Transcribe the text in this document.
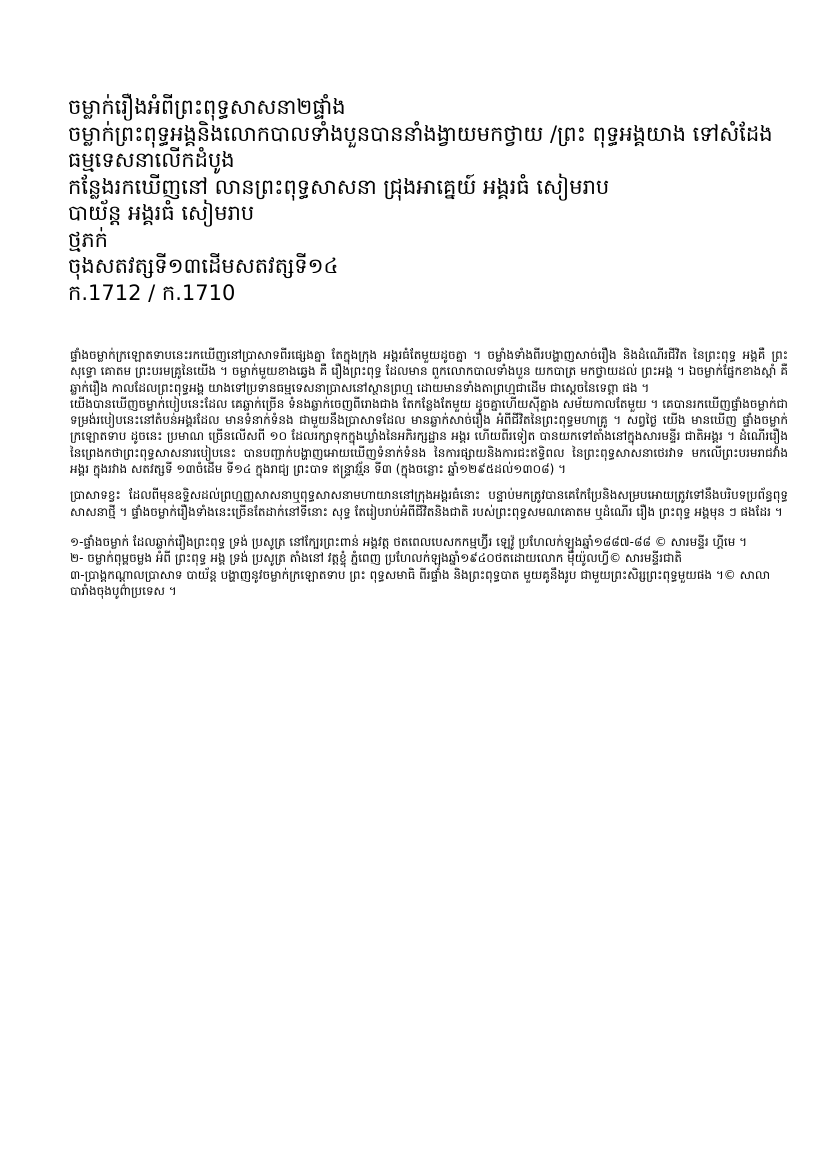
ចម្លាក់រឿងអំពីព្រះពុទ្ធសាសនា២ផ្ទាំង
ចម្លាក់ព្រះពុទ្ធអង្គនិងលោកបាលទាំងបួនបាននាំងង្វាយមកថ្វាយ /ព្រះ ពុទ្ធអង្គយាង ទៅសំដែង ធម្មទេសនាលើកដំបូង
កន្លែងរកឃើញនៅ លានព្រះពុទ្ធសាសនា ជ្រុងអាគ្នេយ៍ អង្គរធំ សៀមរាប
បាយ័ន្ត អង្គរធំ សៀមរាប
ថ្មភក់
ចុងសតវត្សទី១៣ដើមសតវត្សទី១៤
ក.1712 / ក.1710

ផ្ទាំងចម្លាក់ក្រឡោតទាបនេះរកឃើញនៅប្រាសាទពីរផ្សេងគ្នា តែក្នុងក្រុង អង្គរធំតែមួយដូចគ្នា ។ ចម្លាំងទាំងពីរបង្ហាញសាច់រឿង និងដំណើរជីវិត នៃព្រះពុទ្ធ អង្គគឺ ព្រះសុទ្ធោ គោតម ព្រះបរមគ្រូនៃយើង ។ ចម្លាក់មួយខាងឆ្វេង គឺ រឿងព្រះពុទ្ធ ដែលមាន ពួកលោកបាលទាំងបួន យកបាត្រ មកថ្វាយដល់ ព្រះអង្គ ។ ឯចម្លាក់ផ្នែកខាងស្តាំ គឺឆ្លាក់រឿង កាលដែលព្រះពុទ្ធអង្គ យាងទៅប្រទានធម្មទេសនាប្រាសនៅស្ថានព្រហ្ម ដោយមានទាំងតាព្រហ្មជាដើម ជាស្ដេចនៃទេព្ដា ផង ។

យើងបានឃើញចម្លាក់បៀបនេះដែល គេឆ្លាក់ច្រើន ទំនងឆ្លាក់ចេញពីរោងជាង តែកន្លែងតែមួយ ដូចគ្នាហើយស៊ីគ្នាង សម័យកាលតែមួយ ។ គេបានរកឃើញផ្ទាំងចម្លាក់ជាទម្រង់របៀបនេះនៅតំបន់អង្គរដែល មានទំនាក់ទំនង ជាមួយនឹងប្រាសាទដែល មានឆ្លាក់សាច់រឿង អំពីជីវិតនៃព្រះពុទ្ធមហាគ្រូ ។ សព្វថ្ងៃ យើង មានឃើញ ផ្ទាំងចម្លាក់ក្រឡោតទាប ដូចនេះ ប្រមាណ ច្រើនលើសពី ១០ ដែលរក្សាទុកក្នុងឃ្លាំងនៃអភិរក្សដ្ឋាន អង្គរ ហើយពីរទៀត បានយកទៅតាំងនៅក្នុងសារមន្ទីរ ជាតិអង្គរ ។ ដំណើររឿងនៃព្រេងកថាព្រះពុទ្ធសាសនារបៀបនេះ បានបញ្ជាក់បង្ហាញអោយឃើញទំនាក់ទំនង នៃការផ្សាយនិងការជះឥទ្ធិពល នៃព្រះពុទ្ធសាសនាថេរវាទ មកលើព្រះបរមរាជវាំងអង្គរ ក្នុងរវាង សតវត្សទី ១៣ចំដើម ទី១៤ ក្នុងរាជ្យ ព្រះបាទ ឥន្ទ្រាវរ្ម័ន ទី៣ (ក្នុងចន្លោះ ឆ្នាំ១២៩៥ដល់១៣០៨) ។

ប្រាសាទខ្វះ ដែលពីមុនឧទ្ទិសដល់ព្រហ្មញ្ញសាសនាឬពុទ្ធសាសនាមហាយាននៅក្រុងអង្គរធំនោះ បន្ទាប់មកត្រូវបានគេកែប្រែនិងសម្របអោយត្រូវទៅនឹងបរិបទប្រព័ន្ធពុទ្ធសាសនាថ្មី ។ ផ្ទាំងចម្លាក់រឿងទាំងនេះច្រើនតែដាក់នៅទីនោះ សុទ្ធ តែរៀបរាប់អំពីជីវិតនិងជាតិ របស់ព្រះពុទ្ធសមណគោតម ឬដំណើរ រឿង ព្រះពុទ្ធ អង្គមុន ៗ ផងដែរ ។

១-ផ្ទាំងចម្លាក់ ដែលឆ្លាក់រឿងព្រះពុទ្ធ ទ្រង់ ប្រសូត្រ នៅក្បែរព្រះពាន់ អង្គវត្ត ថតពេលបេសកកម្មហ្វ៊ីរ ឡេវ៉ូ ប្រហែលក់ឡុងឆ្នាំ១៨៨៧-៨៨ © សារមន្ទីរ ហ្គីមេ ។

២- ចម្លាក់ពុម្ពចម្លង អំពី ព្រះពុទ្ធ អង្គ ទ្រង់ ប្រសូត្រ តាំងនៅ វត្តខ្ទុំ ភ្នំពេញ ប្រហែលក់ឡុងឆ្នាំ១៩៤០ថតដោយលោក ម៉ឺយ៉ូលហ្វី© សារមន្ទីរជាតិ

៣-ប្រាង្គកណ្តាលប្រាសាទ បាយ័ន្ត បង្ហាញនូវចម្លាក់ក្រឡោតទាប ព្រះ ពុទ្ធសមាធិ ពីរផ្ទាំង និងព្រះពុទ្ធបាត មួយគូនឹងរូប ជាមួយព្រះសិរ្សព្រះពុទ្ធមួយផង ។© សាលាបារាំងចុងបូព៌ាប្រទេស ។
